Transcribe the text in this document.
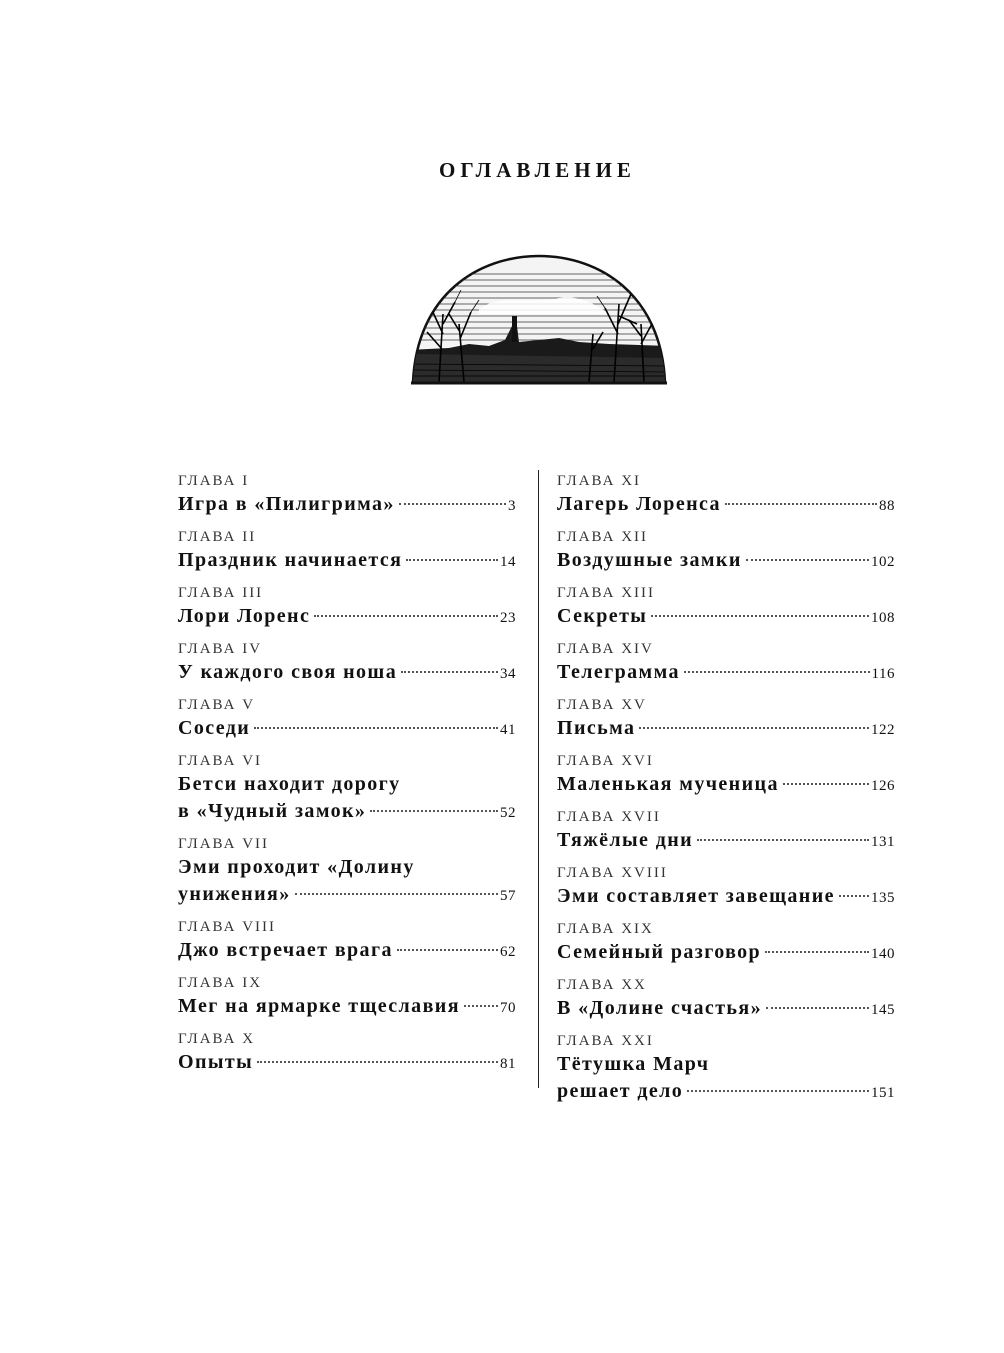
ОГЛАВЛЕНИЕ
ГЛАВА I
Игра в «Пилигрима»	3
ГЛАВА II
Праздник начинается	14
ГЛАВА III
Лори Лоренс	23
ГЛАВА IV
У каждого своя ноша	34
ГЛАВА V
Соседи	41
ГЛАВА VI
Бетси находит дорогу
в «Чудный замок»	52
ГЛАВА VII
Эми проходит «Долину
унижения»	57
ГЛАВА VIII
Джо встречает врага	62
ГЛАВА IX
Мег на ярмарке тщеславия	70
ГЛАВА X
Опыты	81
ГЛАВА XI
Лагерь Лоренса	88
ГЛАВА XII
Воздушные замки	102
ГЛАВА XIII
Секреты	108
ГЛАВА XIV
Телеграмма	116
ГЛАВА XV
Письма	122
ГЛАВА XVI
Маленькая мученица	126
ГЛАВА XVII
Тяжёлые дни	131
ГЛАВА XVIII
Эми составляет завещание 135
ГЛАВА XIX
Семейный разговор	140
ГЛАВА XX
В «Долине счастья»	145
ГЛАВА XXI
Тётушка Марч
решает дело	151
